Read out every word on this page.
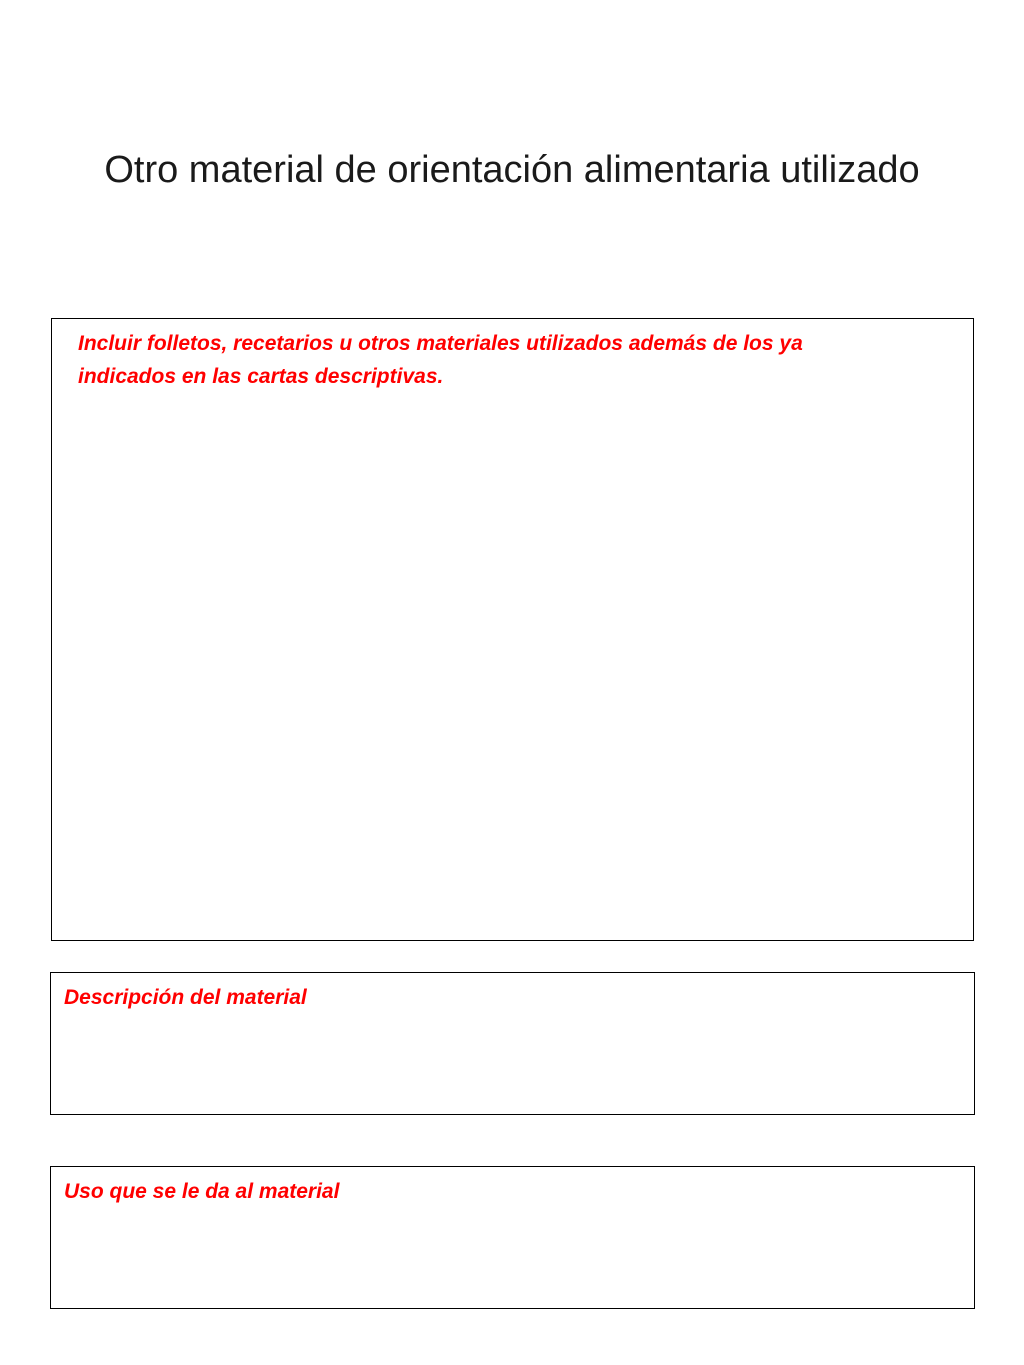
Otro material de orientación alimentaria utilizado

Incluir folletos, recetarios u otros materiales utilizados además de los ya indicados en las cartas descriptivas.

Descripción del material

Uso que se le da al material
